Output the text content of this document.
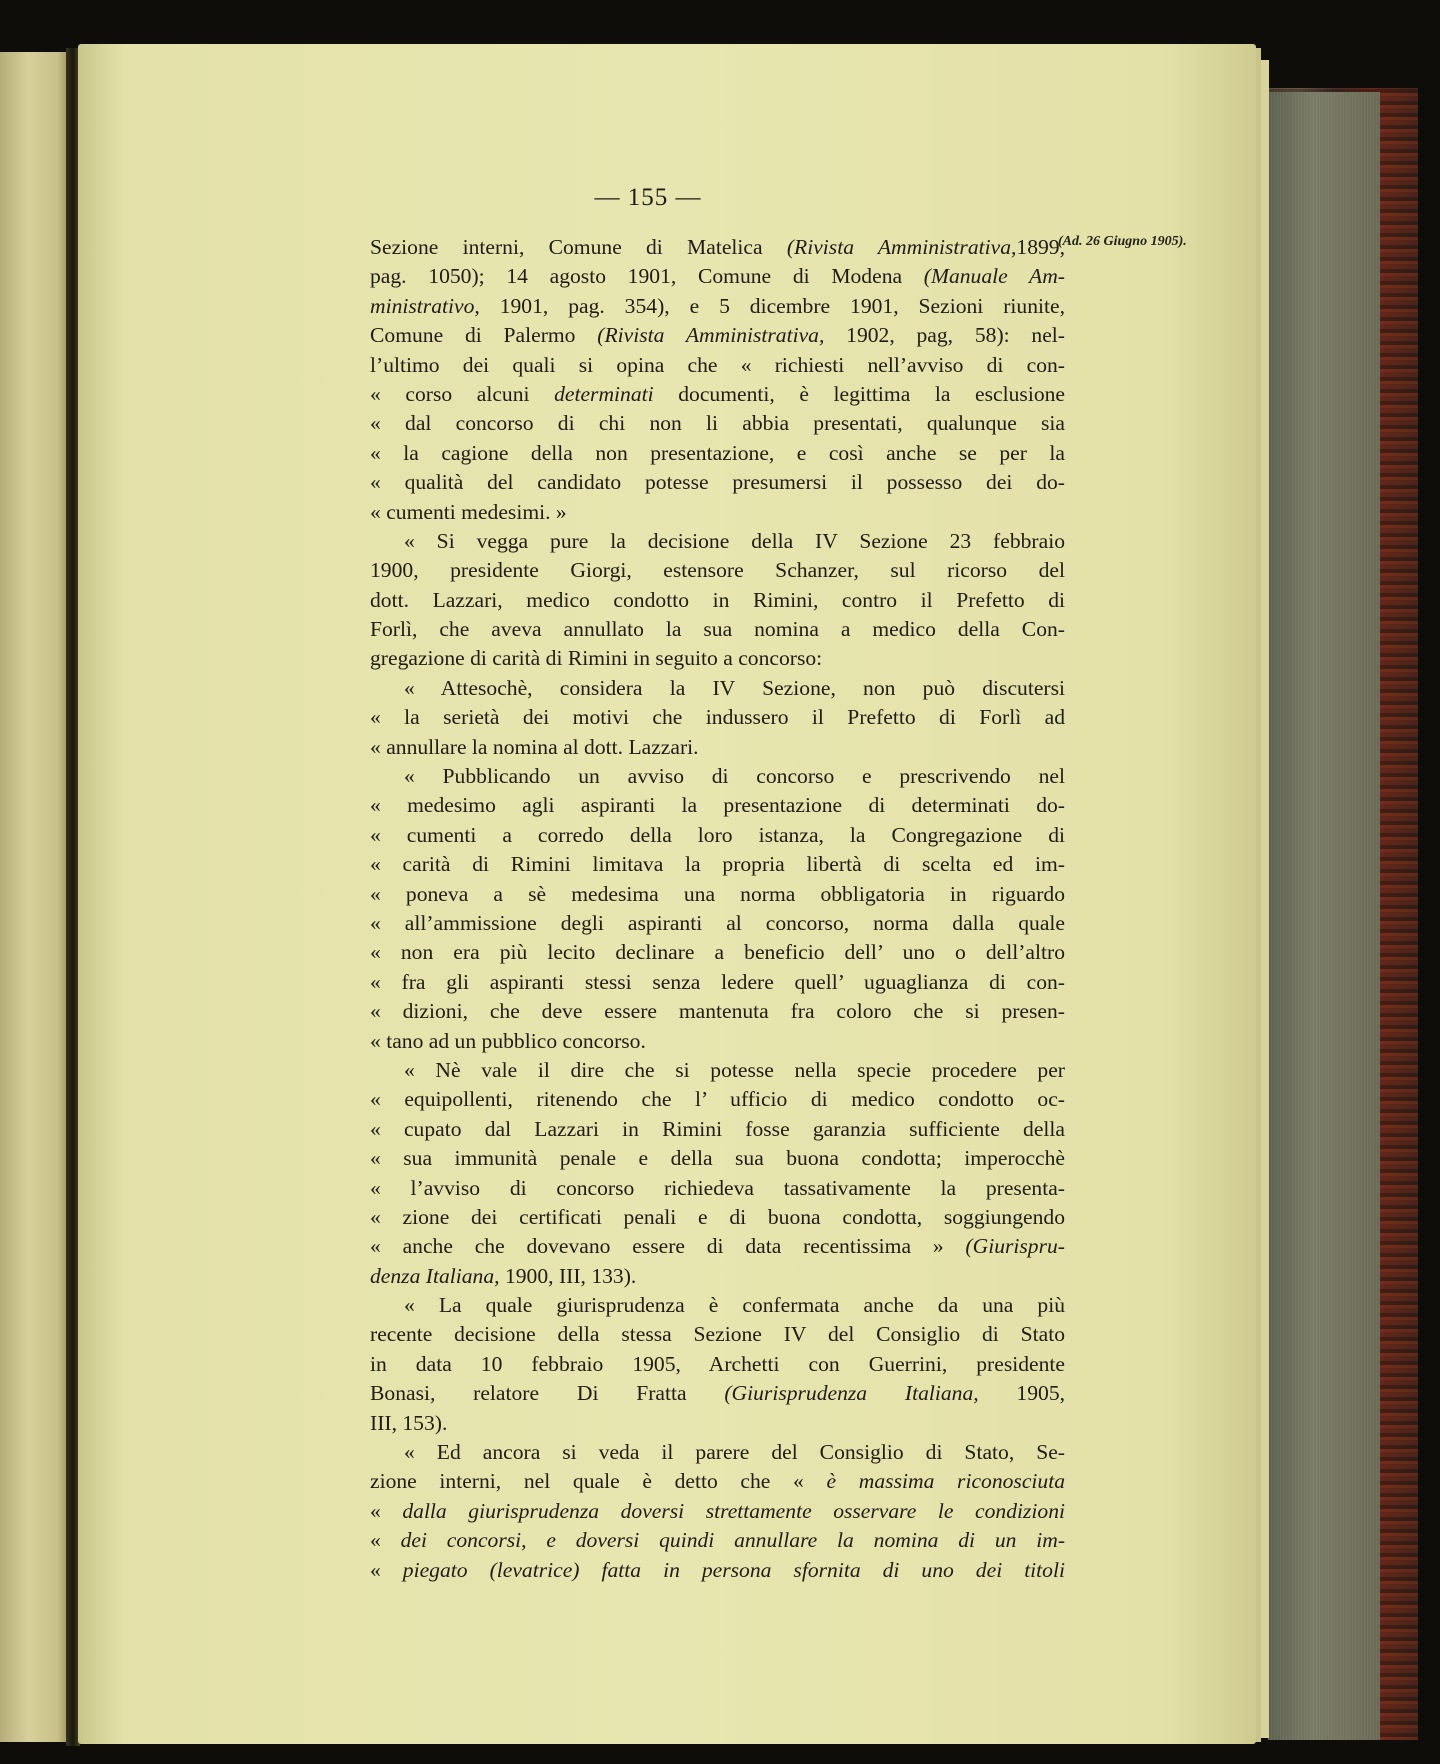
— 155 —
(Ad. 26 Giugno 1905).
Sezione interni, Comune di Matelica (Rivista Amministrativa,1899,
pag. 1050); 14 agosto 1901, Comune di Modena (Manuale Am-
ministrativo, 1901, pag. 354), e 5 dicembre 1901, Sezioni riunite,
Comune di Palermo (Rivista Amministrativa, 1902, pag, 58): nel-
l’ultimo dei quali si opina che « richiesti nell’avviso di con-
« corso alcuni determinati documenti, è legittima la esclusione
« dal concorso di chi non li abbia presentati, qualunque sia
« la cagione della non presentazione, e così anche se per la
« qualità del candidato potesse presumersi il possesso dei do-
« cumenti medesimi. »
« Si vegga pure la decisione della IV Sezione 23 febbraio
1900, presidente Giorgi, estensore Schanzer, sul ricorso del
dott. Lazzari, medico condotto in Rimini, contro il Prefetto di
Forlì, che aveva annullato la sua nomina a medico della Con-
gregazione di carità di Rimini in seguito a concorso:
« Attesochè, considera la IV Sezione, non può discutersi
« la serietà dei motivi che indussero il Prefetto di Forlì ad
« annullare la nomina al dott. Lazzari.
« Pubblicando un avviso di concorso e prescrivendo nel
« medesimo agli aspiranti la presentazione di determinati do-
« cumenti a corredo della loro istanza, la Congregazione di
« carità di Rimini limitava la propria libertà di scelta ed im-
« poneva a sè medesima una norma obbligatoria in riguardo
« all’ammissione degli aspiranti al concorso, norma dalla quale
« non era più lecito declinare a beneficio dell’ uno o dell’altro
« fra gli aspiranti stessi senza ledere quell’ uguaglianza di con-
« dizioni, che deve essere mantenuta fra coloro che si presen-
« tano ad un pubblico concorso.
« Nè vale il dire che si potesse nella specie procedere per
« equipollenti, ritenendo che l’ ufficio di medico condotto oc-
« cupato dal Lazzari in Rimini fosse garanzia sufficiente della
« sua immunità penale e della sua buona condotta; imperocchè
« l’avviso di concorso richiedeva tassativamente la presenta-
« zione dei certificati penali e di buona condotta, soggiungendo
« anche che dovevano essere di data recentissima » (Giurispru-
denza Italiana, 1900, III, 133).
« La quale giurisprudenza è confermata anche da una più
recente decisione della stessa Sezione IV del Consiglio di Stato
in data 10 febbraio 1905, Archetti con Guerrini, presidente
Bonasi, relatore Di Fratta (Giurisprudenza Italiana, 1905,
III, 153).
« Ed ancora si veda il parere del Consiglio di Stato, Se-
zione interni, nel quale è detto che « è massima riconosciuta
« dalla giurisprudenza doversi strettamente osservare le condizioni
« dei concorsi, e doversi quindi annullare la nomina di un im-
« piegato (levatrice) fatta in persona sfornita di uno dei titoli
